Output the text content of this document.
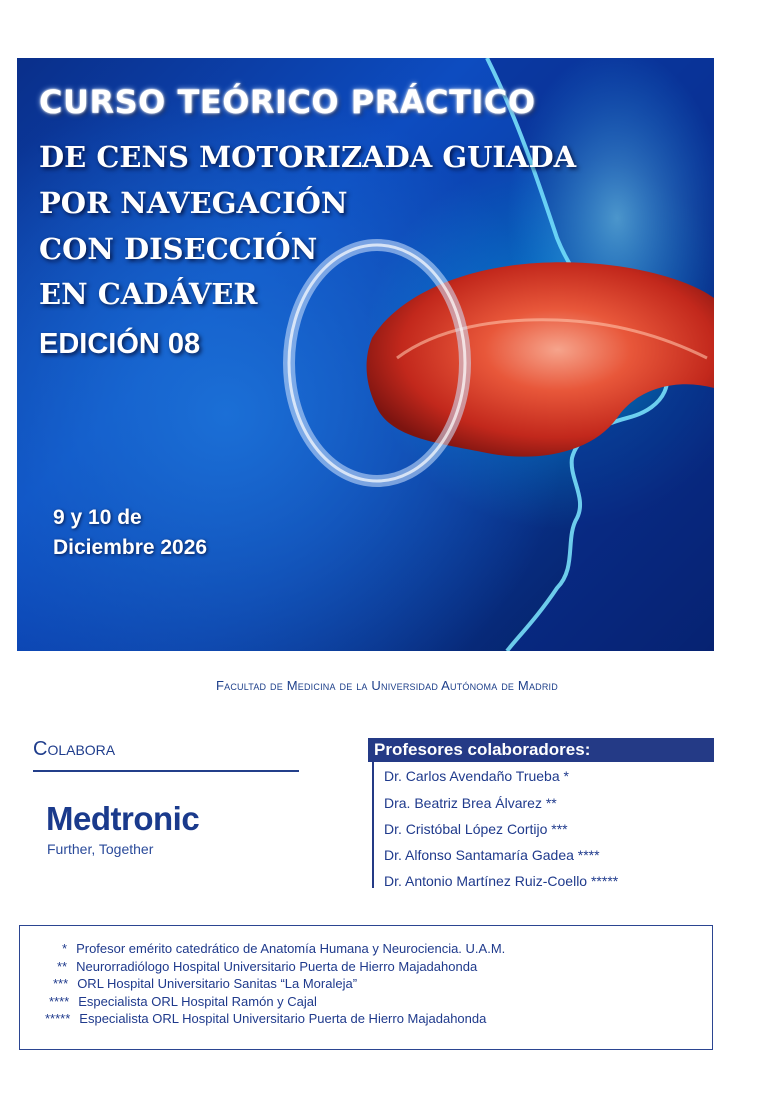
CURSO TEÓRICO PRÁCTICO

DE CENS MOTORIZADA GUIADA

POR NAVEGACIÓN

CON DISECCIÓN

EN CADÁVER

EDICIÓN 08

9 y 10 de

Diciembre 2026

Facultad de Medicina de la Universidad Autónoma de Madrid

Colabora

Medtronic

Further, Together

Profesores colaboradores:

Dr. Carlos Avendaño Trueba *

Dra. Beatriz Brea Álvarez **

Dr. Cristóbal López Cortijo ***

Dr. Alfonso Santamaría Gadea ****

Dr. Antonio Martínez Ruiz-Coello *****

* Profesor emérito catedrático de Anatomía Humana y Neurociencia. U.A.M.

** Neurorradiólogo Hospital Universitario Puerta de Hierro Majadahonda

*** ORL Hospital Universitario Sanitas “La Moraleja”

**** Especialista ORL Hospital Ramón y Cajal

***** Especialista ORL Hospital Universitario Puerta de Hierro Majadahonda
